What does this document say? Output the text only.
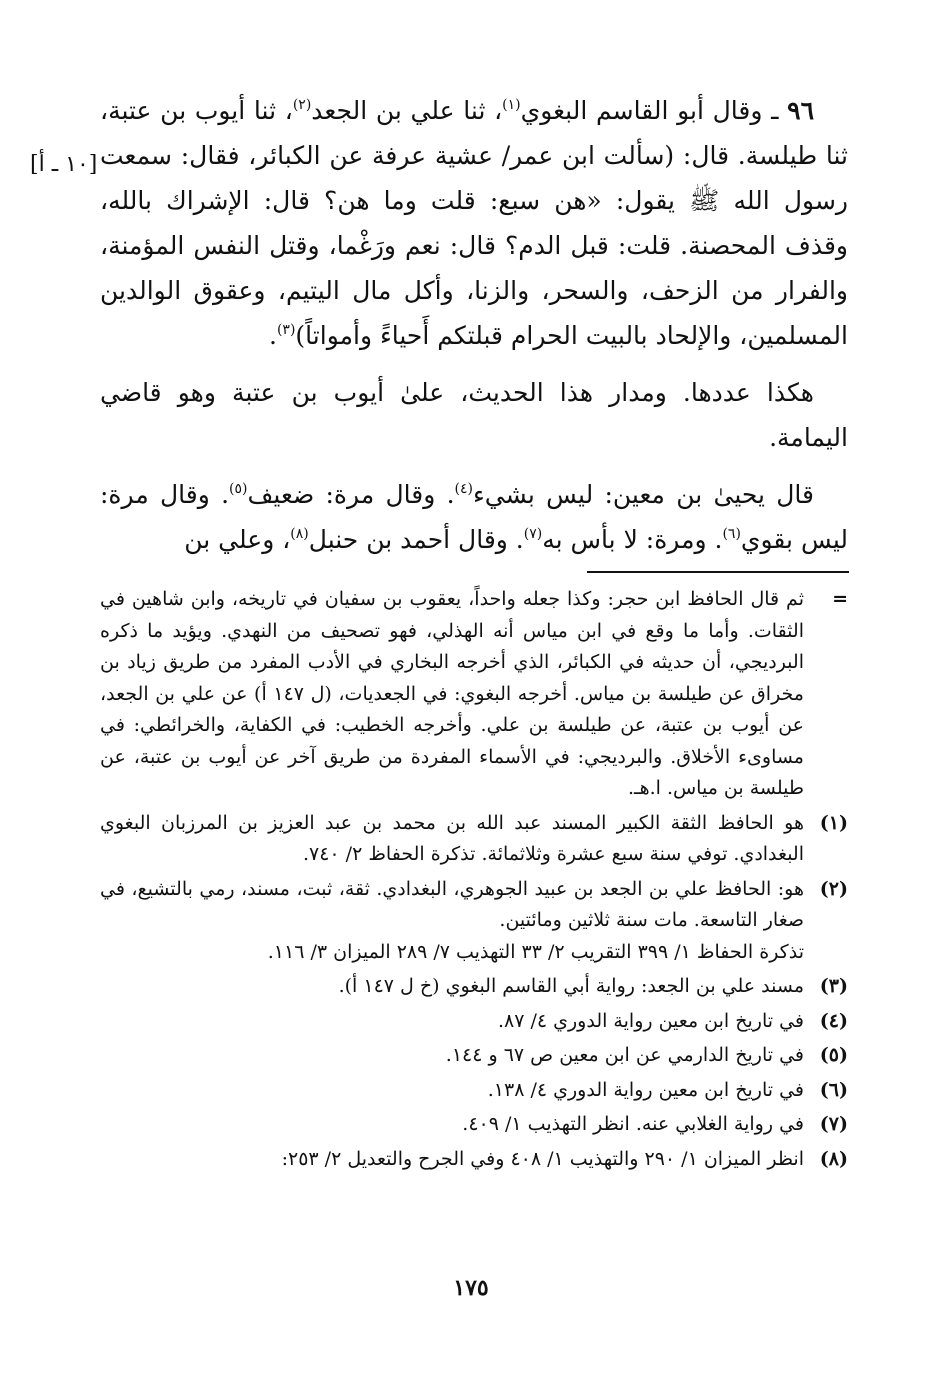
٩٦ ـ وقال أبو القاسم البغوي$^{(١)}$، ثنا علي بن الجعد$^{(٢)}$، ثنا أيوب بن عتبة، ثنا طيلسة. قال: (سألت ابن عمر/ عشية عرفة عن الكبائر، فقال: سمعت رسول الله ﷺ يقول: «هن سبع: قلت وما هن؟ قال: الإشراك بالله، وقذف المحصنة. قلت: قبل الدم؟ قال: نعم ورَغْما، وقتل النفس المؤمنة، والفرار من الزحف، والسحر، والزنا، وأكل مال اليتيم، وعقوق الوالدين المسلمين، والإلحاد بالبيت الحرام قبلتكم أَحياءً وأمواتاً)$^{(٣)}$.

هكذا عددها. ومدار هذا الحديث، علىٰ أيوب بن عتبة وهو قاضي اليمامة.

قال يحيىٰ بن معين: ليس بشيء$^{(٤)}$. وقال مرة: ضعيف$^{(٥)}$. وقال مرة: ليس بقوي$^{(٦)}$. ومرة: لا بأس به$^{(٧)}$. وقال أحمد بن حنبل$^{(٨)}$، وعلي بن

[١٠ ـ أ]
=
ثم قال الحافظ ابن حجر: وكذا جعله واحداً، يعقوب بن سفيان في تاريخه، وابن شاهين في الثقات. وأما ما وقع في ابن مياس أنه الهذلي، فهو تصحيف من النهدي. ويؤيد ما ذكره البرديجي، أن حديثه في الكبائر، الذي أخرجه البخاري في الأدب المفرد من طريق زياد بن مخراق عن طيلسة بن مياس. أخرجه البغوي: في الجعديات، (ل ١٤٧ أ) عن علي بن الجعد، عن أيوب بن عتبة، عن طيلسة بن علي. وأخرجه الخطيب: في الكفاية، والخرائطي: في مساوىء الأخلاق. والبرديجي: في الأسماء المفردة من طريق آخر عن أيوب بن عتبة، عن طيلسة بن مياس. ا.هـ.
(١)
هو الحافظ الثقة الكبير المسند عبد الله بن محمد بن عبد العزيز بن المرزبان البغوي البغدادي. توفي سنة سبع عشرة وثلاثمائة. تذكرة الحفاظ ٢/ ٧٤٠.
(٢)
هو: الحافظ علي بن الجعد بن عبيد الجوهري، البغدادي. ثقة، ثبت، مسند، رمي بالتشيع، في صغار التاسعة. مات سنة ثلاثين ومائتين.
تذكرة الحفاظ ١/ ٣٩٩ التقريب ٢/ ٣٣ التهذيب ٧/ ٢٨٩ الميزان ٣/ ١١٦.
(٣)
مسند علي بن الجعد: رواية أبي القاسم البغوي (خ ل ١٤٧ أ).
(٤)
في تاريخ ابن معين رواية الدوري ٤/ ٨٧.
(٥)
في تاريخ الدارمي عن ابن معين ص ٦٧ و ١٤٤.
(٦)
في تاريخ ابن معين رواية الدوري ٤/ ١٣٨.
(٧)
في رواية الغلابي عنه. انظر التهذيب ١/ ٤٠٩.
(٨)
انظر الميزان ١/ ٢٩٠ والتهذيب ١/ ٤٠٨ وفي الجرح والتعديل ٢/ ٢٥٣:
١٧٥
